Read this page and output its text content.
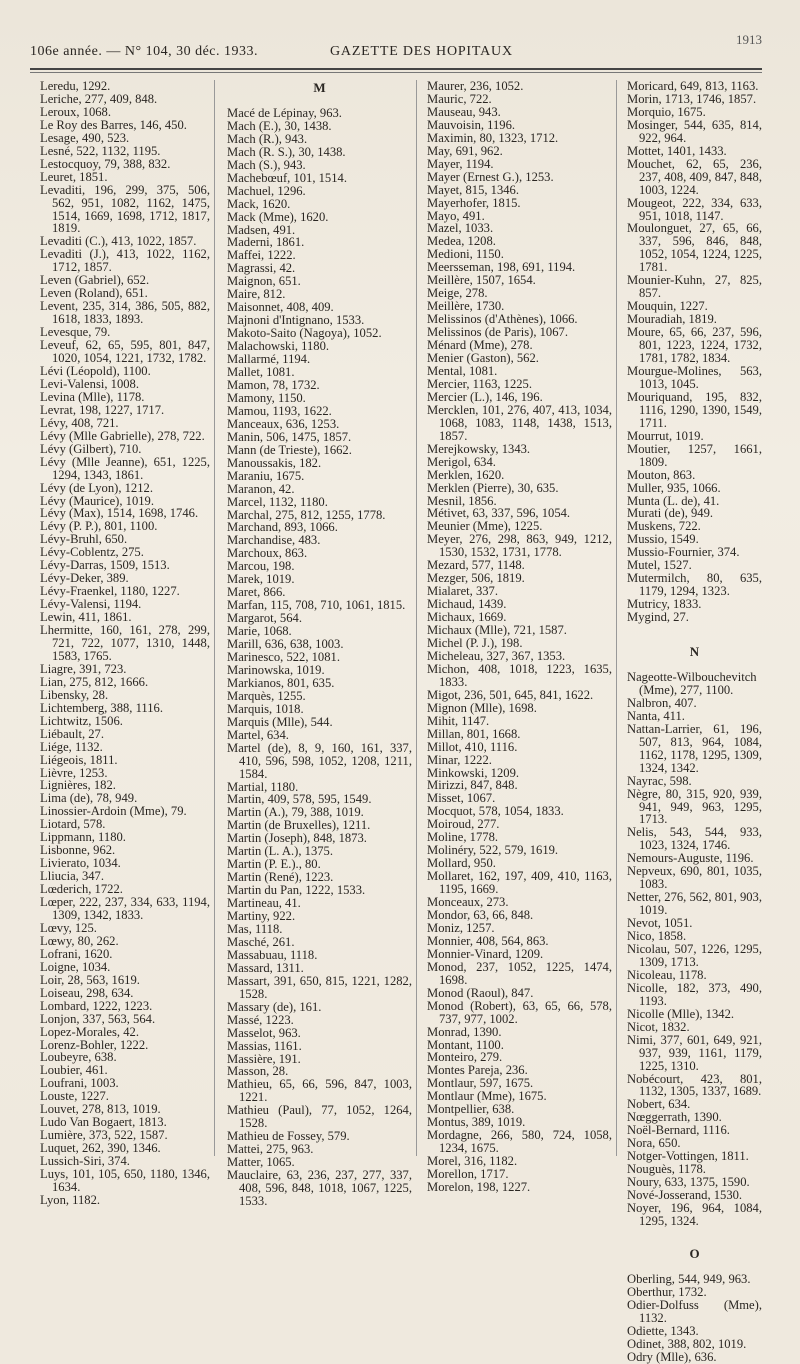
106e année. — N° 104, 30 déc. 1933.	GAZETTE DES HOPITAUX
1913

Leredu, 1292.

Leriche, 277, 409, 848.

Leroux, 1068.

Le Roy des Barres, 146, 450.

Lesage, 490, 523.

Lesné, 522, 1132, 1195.

Lestocquoy, 79, 388, 832.

Leuret, 1851.

Levaditi, 196, 299, 375, 506, 562, 951, 1082, 1162, 1475, 1514, 1669, 1698, 1712, 1817, 1819.

Levaditi (C.), 413, 1022, 1857.

Levaditi (J.), 413, 1022, 1162, 1712, 1857.

Leven (Gabriel), 652.

Leven (Roland), 651.

Levent, 235, 314, 386, 505, 882, 1618, 1833, 1893.

Levesque, 79.

Leveuf, 62, 65, 595, 801, 847, 1020, 1054, 1221, 1732, 1782.

Lévi (Léopold), 1100.

Levi-Valensi, 1008.

Levina (Mlle), 1178.

Levrat, 198, 1227, 1717.

Lévy, 408, 721.

Lévy (Mlle Gabrielle), 278, 722.

Lévy (Gilbert), 710.

Lévy (Mlle Jeanne), 651, 1225, 1294, 1343, 1861.

Lévy (de Lyon), 1212.

Lévy (Maurice), 1019.

Lévy (Max), 1514, 1698, 1746.

Lévy (P. P.), 801, 1100.

Lévy-Bruhl, 650.

Lévy-Coblentz, 275.

Lévy-Darras, 1509, 1513.

Lévy-Deker, 389.

Lévy-Fraenkel, 1180, 1227.

Lévy-Valensi, 1194.

Lewin, 411, 1861.

Lhermitte, 160, 161, 278, 299, 721, 722, 1077, 1310, 1448, 1583, 1765.

Liagre, 391, 723.

Lian, 275, 812, 1666.

Libensky, 28.

Lichtemberg, 388, 1116.

Lichtwitz, 1506.

Liébault, 27.

Liége, 1132.

Liégeois, 1811.

Lièvre, 1253.

Lignières, 182.

Lima (de), 78, 949.

Linossier-Ardoin (Mme), 79.

Liotard, 578.

Lippmann, 1180.

Lisbonne, 962.

Livierato, 1034.

Lliucia, 347.

Lœderich, 1722.

Lœper, 222, 237, 334, 633, 1194, 1309, 1342, 1833.

Lœvy, 125.

Lœwy, 80, 262.

Lofrani, 1620.

Loigne, 1034.

Loir, 28, 563, 1619.

Loiseau, 298, 634.

Lombard, 1222, 1223.

Lonjon, 337, 563, 564.

Lopez-Morales, 42.

Lorenz-Bohler, 1222.

Loubeyre, 638.

Loubier, 461.

Loufrani, 1003.

Louste, 1227.

Louvet, 278, 813, 1019.

Ludo Van Bogaert, 1813.

Lumière, 373, 522, 1587.

Luquet, 262, 390, 1346.

Lussich-Siri, 374.

Luys, 101, 105, 650, 1180, 1346, 1634.

Lyon, 1182.

M

Macé de Lépinay, 963.

Mach (E.), 30, 1438.

Mach (R.), 943.

Mach (R. S.), 30, 1438.

Mach (S.), 943.

Machebœuf, 101, 1514.

Machuel, 1296.

Mack, 1620.

Mack (Mme), 1620.

Madsen, 491.

Maderni, 1861.

Maffei, 1222.

Magrassi, 42.

Maignon, 651.

Maire, 812.

Maisonnet, 408, 409.

Majnoni d'Intignano, 1533.

Makoto-Saito (Nagoya), 1052.

Malachowski, 1180.

Mallarmé, 1194.

Mallet, 1081.

Mamon, 78, 1732.

Mamony, 1150.

Mamou, 1193, 1622.

Manceaux, 636, 1253.

Manin, 506, 1475, 1857.

Mann (de Trieste), 1662.

Manoussakis, 182.

Maraniu, 1675.

Maranon, 42.

Marcel, 1132, 1180.

Marchal, 275, 812, 1255, 1778.

Marchand, 893, 1066.

Marchandise, 483.

Marchoux, 863.

Marcou, 198.

Marek, 1019.

Maret, 866.

Marfan, 115, 708, 710, 1061, 1815.

Margarot, 564.

Marie, 1068.

Marill, 636, 638, 1003.

Marinesco, 522, 1081.

Marinowska, 1019.

Markianos, 801, 635.

Marquès, 1255.

Marquis, 1018.

Marquis (Mlle), 544.

Martel, 634.

Martel (de), 8, 9, 160, 161, 337, 410, 596, 598, 1052, 1208, 1211, 1584.

Martial, 1180.

Martin, 409, 578, 595, 1549.

Martin (A.), 79, 388, 1019.

Martin (de Bruxelles), 1211.

Martin (Joseph), 848, 1873.

Martin (L. A.), 1375.

Martin (P. E.)., 80.

Martin (René), 1223.

Martin du Pan, 1222, 1533.

Martineau, 41.

Martiny, 922.

Mas, 1118.

Masché, 261.

Massabuau, 1118.

Massard, 1311.

Massart, 391, 650, 815, 1221, 1282, 1528.

Massary (de), 161.

Massé, 1223.

Masselot, 963.

Massias, 1161.

Massière, 191.

Masson, 28.

Mathieu, 65, 66, 596, 847, 1003, 1221.

Mathieu (Paul), 77, 1052, 1264, 1528.

Mathieu de Fossey, 579.

Mattei, 275, 963.

Matter, 1065.

Mauclaire, 63, 236, 237, 277, 337, 408, 596, 848, 1018, 1067, 1225, 1533.

Maurer, 236, 1052.

Mauric, 722.

Mauseau, 943.

Mauvoisin, 1196.

Maximin, 80, 1323, 1712.

May, 691, 962.

Mayer, 1194.

Mayer (Ernest G.), 1253.

Mayet, 815, 1346.

Mayerhofer, 1815.

Mayo, 491.

Mazel, 1033.

Medea, 1208.

Medioni, 1150.

Meersseman, 198, 691, 1194.

Meillère, 1507, 1654.

Meige, 278.

Meillère, 1730.

Melissinos (d'Athènes), 1066.

Melissinos (de Paris), 1067.

Ménard (Mme), 278.

Menier (Gaston), 562.

Mental, 1081.

Mercier, 1163, 1225.

Mercier (L.), 146, 196.

Mercklen, 101, 276, 407, 413, 1034, 1068, 1083, 1148, 1438, 1513, 1857.

Merejkowsky, 1343.

Merigol, 634.

Merklen, 1620.

Merklen (Pierre), 30, 635.

Mesnil, 1856.

Métivet, 63, 337, 596, 1054.

Meunier (Mme), 1225.

Meyer, 276, 298, 863, 949, 1212, 1530, 1532, 1731, 1778.

Mezard, 577, 1148.

Mezger, 506, 1819.

Mialaret, 337.

Michaud, 1439.

Michaux, 1669.

Michaux (Mlle), 721, 1587.

Michel (P. J.), 198.

Micheleau, 327, 367, 1353.

Michon, 408, 1018, 1223, 1635, 1833.

Migot, 236, 501, 645, 841, 1622.

Mignon (Mlle), 1698.

Mihit, 1147.

Millan, 801, 1668.

Millot, 410, 1116.

Minar, 1222.

Minkowski, 1209.

Mirizzi, 847, 848.

Misset, 1067.

Mocquot, 578, 1054, 1833.

Moiroud, 277.

Moline, 1778.

Molinéry, 522, 579, 1619.

Mollard, 950.

Mollaret, 162, 197, 409, 410, 1163, 1195, 1669.

Monceaux, 273.

Mondor, 63, 66, 848.

Moniz, 1257.

Monnier, 408, 564, 863.

Monnier-Vinard, 1209.

Monod, 237, 1052, 1225, 1474, 1698.

Monod (Raoul), 847.

Monod (Robert), 63, 65, 66, 578, 737, 977, 1002.

Monrad, 1390.

Montant, 1100.

Monteiro, 279.

Montes Pareja, 236.

Montlaur, 597, 1675.

Montlaur (Mme), 1675.

Montpellier, 638.

Montus, 389, 1019.

Mordagne, 266, 580, 724, 1058, 1234, 1675.

Morel, 316, 1182.

Morellon, 1717.

Morelon, 198, 1227.

Moricard, 649, 813, 1163.

Morin, 1713, 1746, 1857.

Morquio, 1675.

Mosinger, 544, 635, 814, 922, 964.

Mottet, 1401, 1433.

Mouchet, 62, 65, 236, 237, 408, 409, 847, 848, 1003, 1224.

Mougeot, 222, 334, 633, 951, 1018, 1147.

Moulonguet, 27, 65, 66, 337, 596, 846, 848, 1052, 1054, 1224, 1225, 1781.

Mounier-Kuhn, 27, 825, 857.

Mouquin, 1227.

Mouradiah, 1819.

Moure, 65, 66, 237, 596, 801, 1223, 1224, 1732, 1781, 1782, 1834.

Mourgue-Molines, 563, 1013, 1045.

Mouriquand, 195, 832, 1116, 1290, 1390, 1549, 1711.

Mourrut, 1019.

Moutier, 1257, 1661, 1809.

Mouton, 863.

Muller, 935, 1066.

Munta (L. de), 41.

Murati (de), 949.

Muskens, 722.

Mussio, 1549.

Mussio-Fournier, 374.

Mutel, 1527.

Mutermilch, 80, 635, 1179, 1294, 1323.

Mutricy, 1833.

Mygind, 27.

N

Nageotte-Wilbouchevitch (Mme), 277, 1100.

Nalbron, 407.

Nanta, 411.

Nattan-Larrier, 61, 196, 507, 813, 964, 1084, 1162, 1178, 1295, 1309, 1324, 1342.

Nayrac, 598.

Nègre, 80, 315, 920, 939, 941, 949, 963, 1295, 1713.

Nelis, 543, 544, 933, 1023, 1324, 1746.

Nemours-Auguste, 1196.

Nepveux, 690, 801, 1035, 1083.

Netter, 276, 562, 801, 903, 1019.

Nevot, 1051.

Nico, 1858.

Nicolau, 507, 1226, 1295, 1309, 1713.

Nicoleau, 1178.

Nicolle, 182, 373, 490, 1193.

Nicolle (Mlle), 1342.

Nicot, 1832.

Nimi, 377, 601, 649, 921, 937, 939, 1161, 1179, 1225, 1310.

Nobécourt, 423, 801, 1132, 1305, 1337, 1689.

Nobert, 634.

Nœggerrath, 1390.

Noël-Bernard, 1116.

Nora, 650.

Notger-Vottingen, 1811.

Nouguès, 1178.

Noury, 633, 1375, 1590.

Nové-Josserand, 1530.

Noyer, 196, 964, 1084, 1295, 1324.

O

Oberling, 544, 949, 963.

Oberthur, 1732.

Odier-Dolfuss (Mme), 1132.

Odiette, 1343.

Odinet, 388, 802, 1019.

Odry (Mlle), 636.
